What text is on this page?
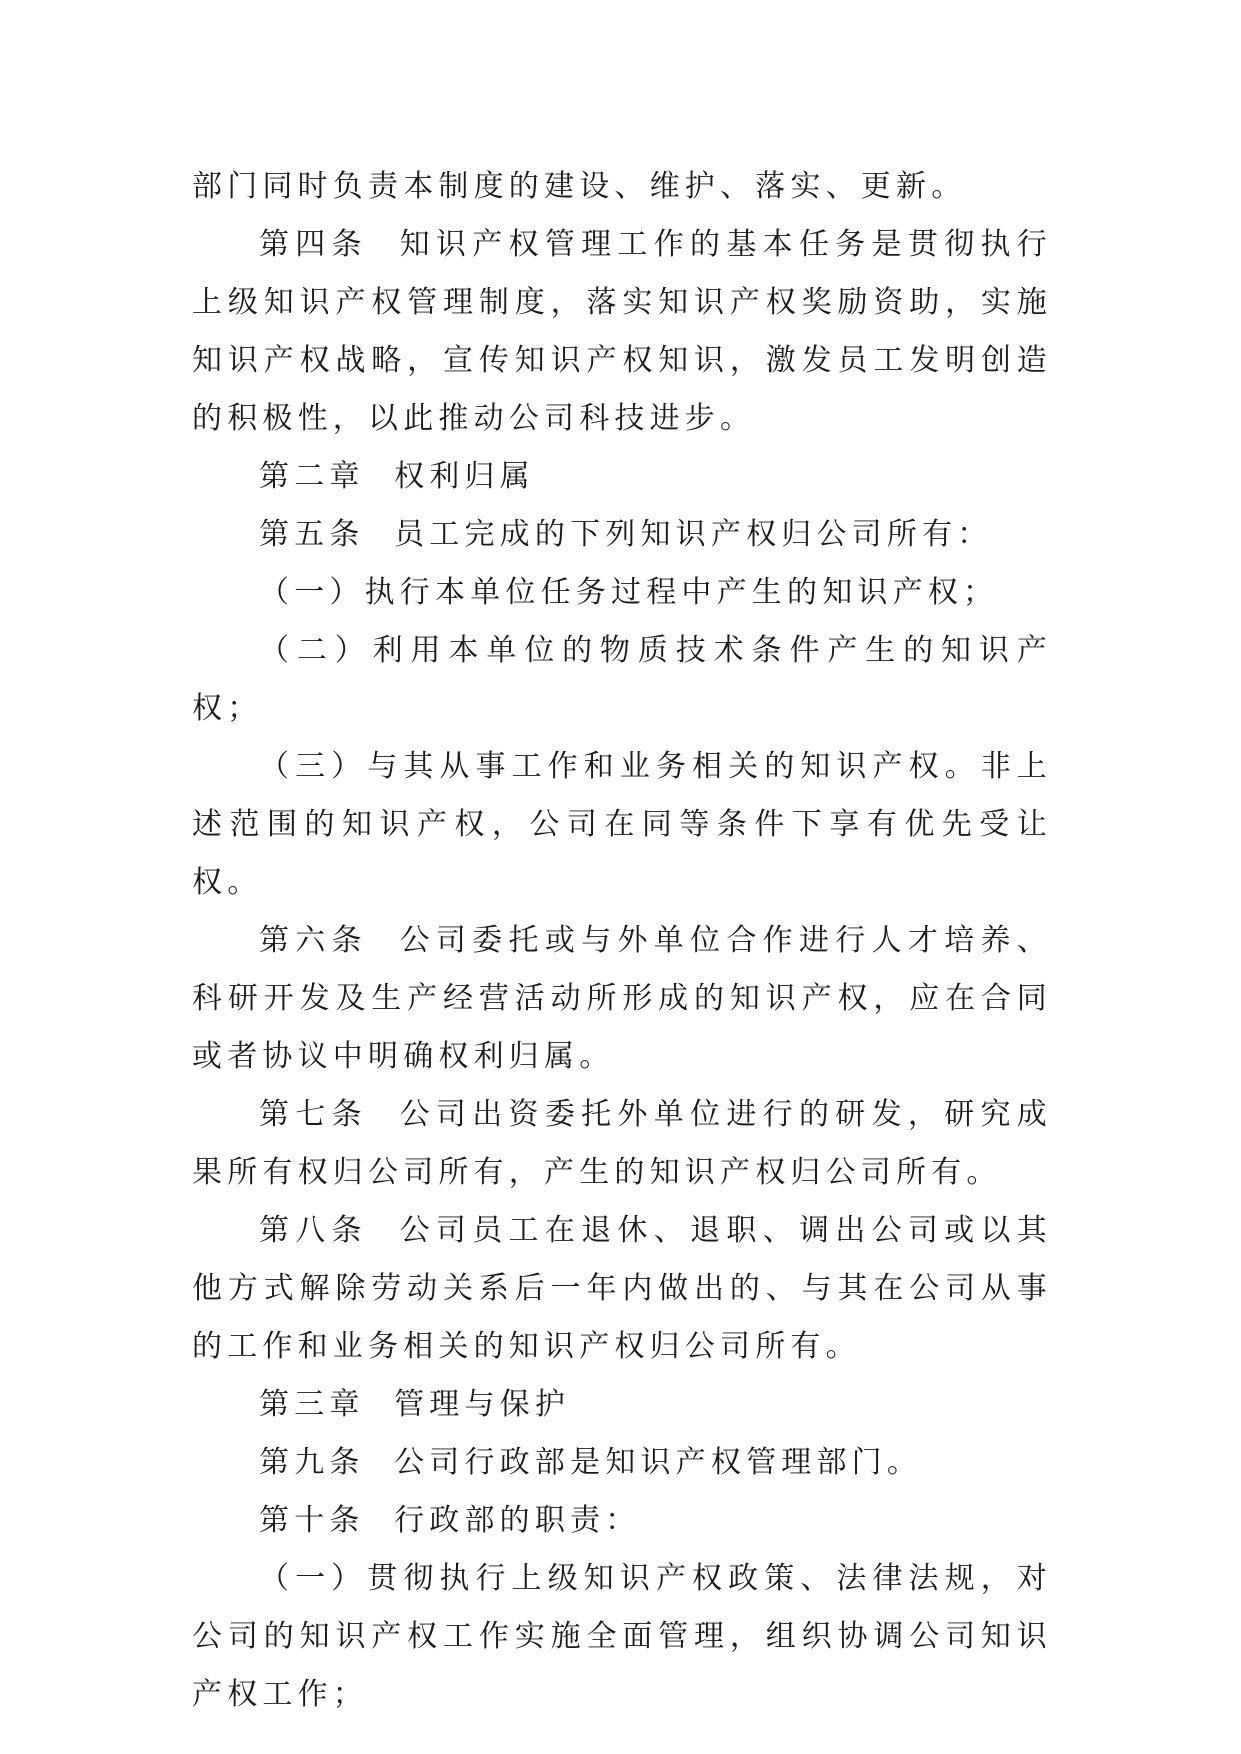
部门同时负责本制度的建设、维护、落实、更新。

第四条  知识产权管理工作的基本任务是贯彻执行上级知识产权管理制度，落实知识产权奖励资助，实施知识产权战略，宣传知识产权知识，激发员工发明创造的积极性，以此推动公司科技进步。

第二章  权利归属

第五条  员工完成的下列知识产权归公司所有：

（一）执行本单位任务过程中产生的知识产权；

（二）利用本单位的物质技术条件产生的知识产权；

（三）与其从事工作和业务相关的知识产权。非上述范围的知识产权，公司在同等条件下享有优先受让权。

第六条  公司委托或与外单位合作进行人才培养、科研开发及生产经营活动所形成的知识产权，应在合同或者协议中明确权利归属。

第七条  公司出资委托外单位进行的研发，研究成果所有权归公司所有，产生的知识产权归公司所有。

第八条  公司员工在退休、退职、调出公司或以其他方式解除劳动关系后一年内做出的、与其在公司从事的工作和业务相关的知识产权归公司所有。

第三章  管理与保护

第九条  公司行政部是知识产权管理部门。

第十条  行政部的职责：

（一）贯彻执行上级知识产权政策、法律法规，对公司的知识产权工作实施全面管理，组织协调公司知识产权工作；
